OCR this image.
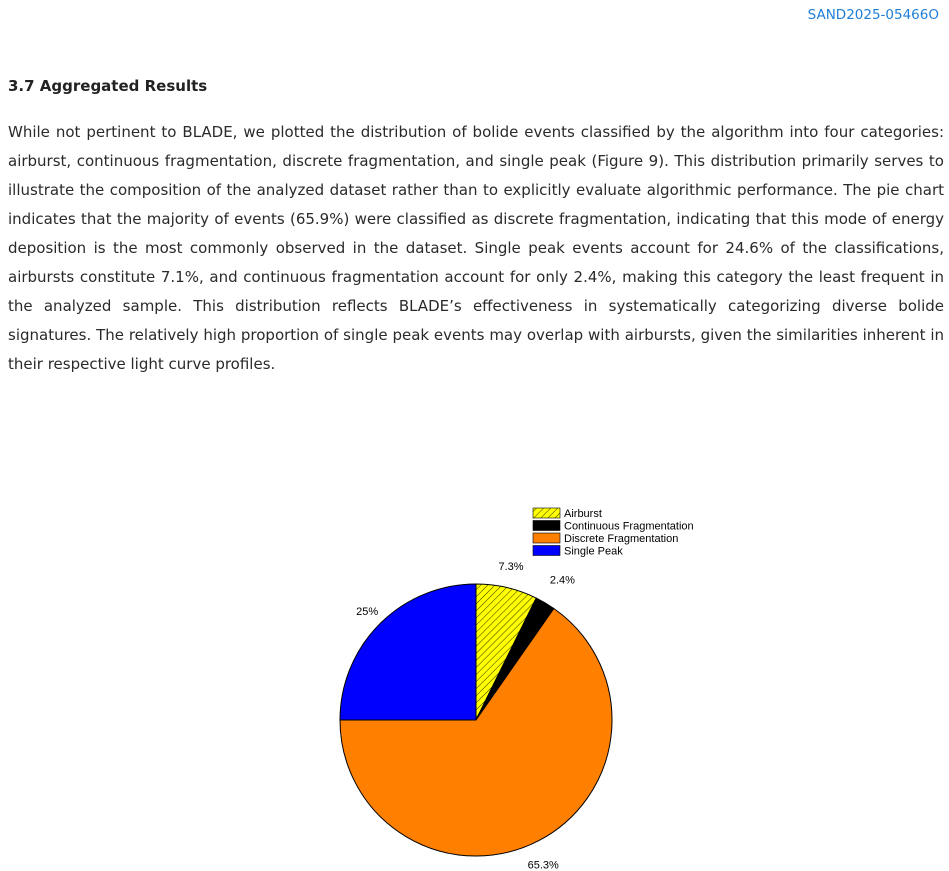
SAND2025-05466O
3.7 Aggregated Results

While not pertinent to BLADE, we plotted the distribution of bolide events classified by the algorithm into four categories: airburst, continuous fragmentation, discrete fragmentation, and single peak (Figure 9). This distribution primarily serves to illustrate the composition of the analyzed dataset rather than to explicitly evaluate algorithmic performance. The pie chart indicates that the majority of events (65.9%) were classified as discrete fragmentation, indicating that this mode of energy deposition is the most commonly observed in the dataset. Single peak events account for 24.6% of the classifications, airbursts constitute 7.1%, and continuous fragmentation account for only 2.4%, making this category the least frequent in the analyzed sample. This distribution reflects BLADE’s effectiveness in systematically categorizing diverse bolide signatures. The relatively high proportion of single peak events may overlap with airbursts, given the similarities inherent in their respective light curve profiles.

7.3%
2.4%
65.3%
25%
Airburst
Continuous Fragmentation
Discrete Fragmentation
Single Peak
